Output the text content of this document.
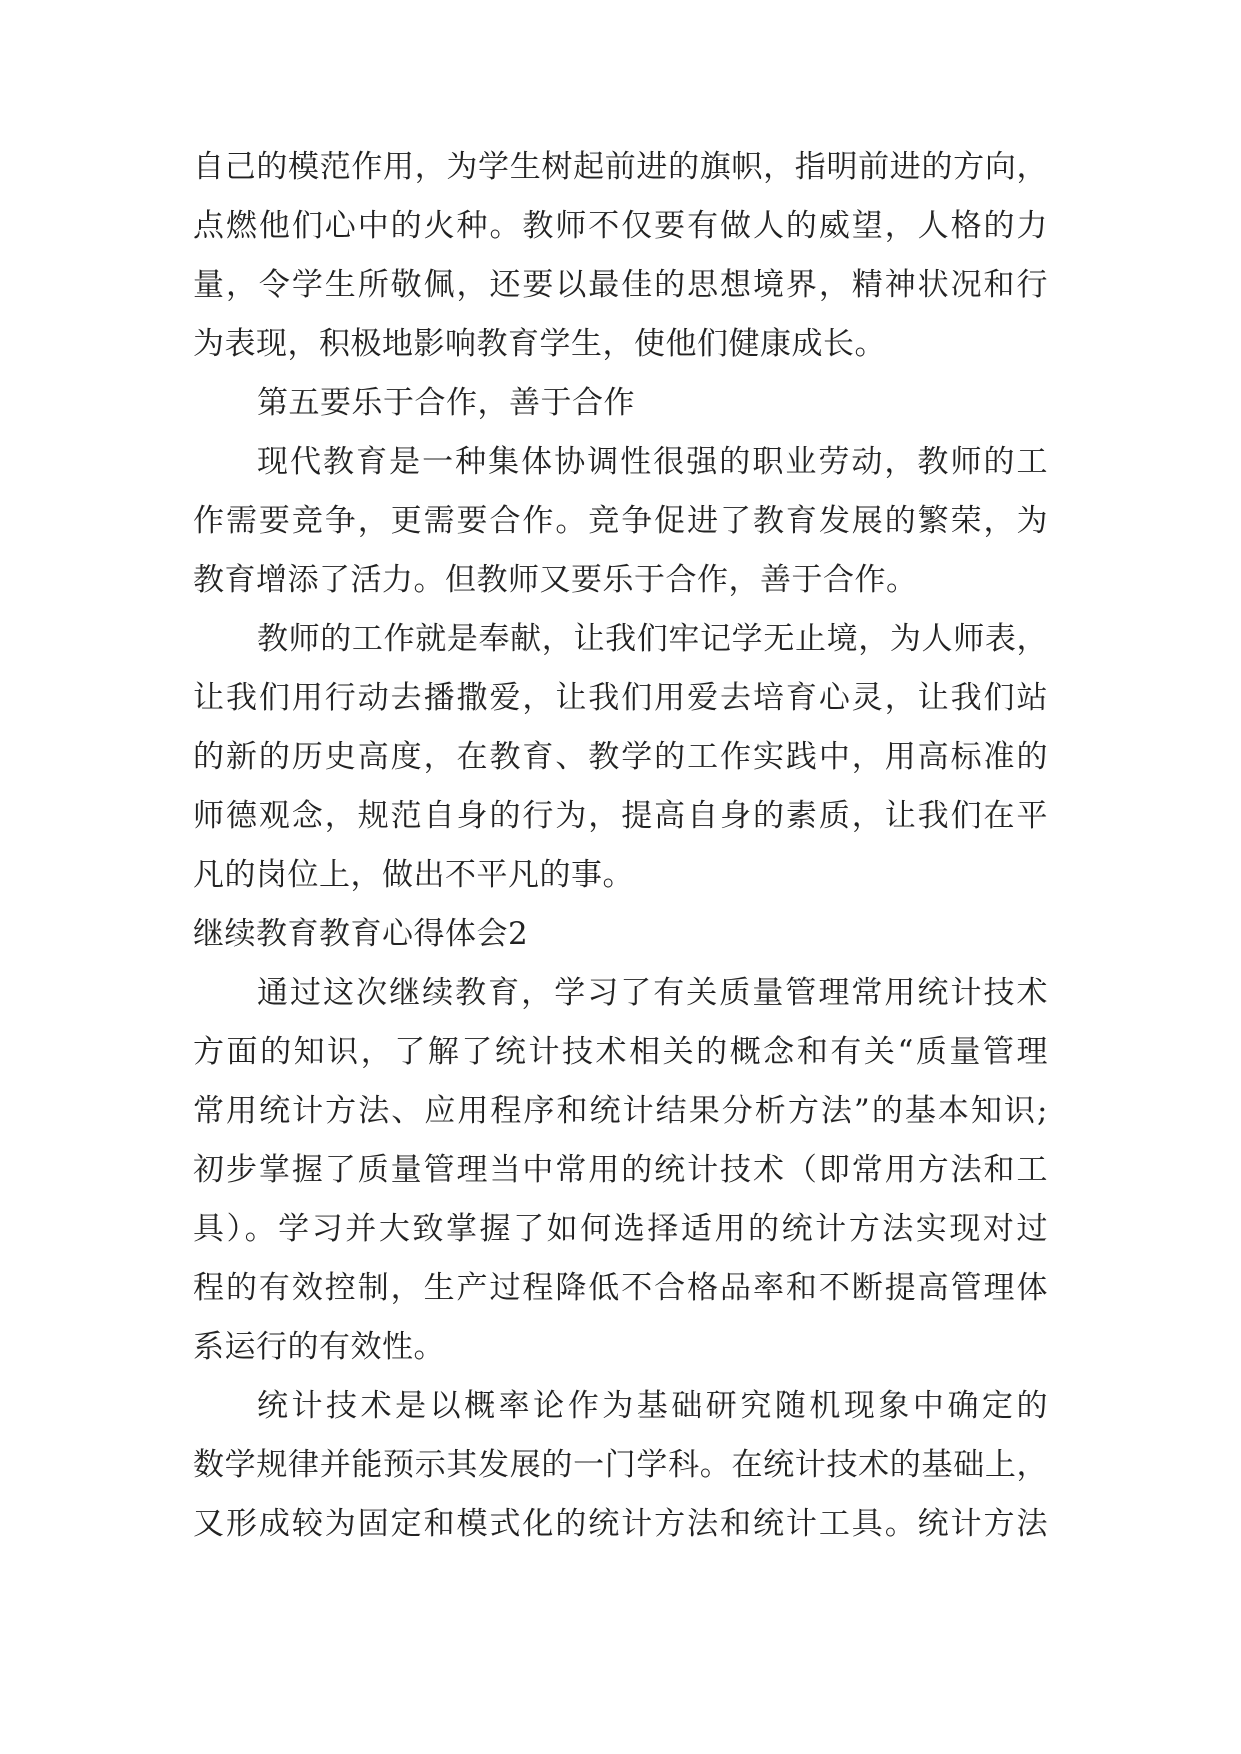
自己的模范作用，为学生树起前进的旗帜，指明前进的方向，
点燃他们心中的火种。教师不仅要有做人的威望，人格的力
量，令学生所敬佩，还要以最佳的思想境界，精神状况和行
为表现，积极地影响教育学生，使他们健康成长。
第五要乐于合作，善于合作
现代教育是一种集体协调性很强的职业劳动，教师的工
作需要竞争，更需要合作。竞争促进了教育发展的繁荣，为
教育增添了活力。但教师又要乐于合作，善于合作。
教师的工作就是奉献，让我们牢记学无止境，为人师表，
让我们用行动去播撒爱，让我们用爱去培育心灵，让我们站
的新的历史高度，在教育、教学的工作实践中，用高标准的
师德观念，规范自身的行为，提高自身的素质，让我们在平
凡的岗位上，做出不平凡的事。
继续教育教育心得体会2
通过这次继续教育，学习了有关质量管理常用统计技术
方面的知识，了解了统计技术相关的概念和有关“质量管理
常用统计方法、应用程序和统计结果分析方法”的基本知识;
初步掌握了质量管理当中常用的统计技术（即常用方法和工
具）。学习并大致掌握了如何选择适用的统计方法实现对过
程的有效控制，生产过程降低不合格品率和不断提高管理体
系运行的有效性。
统计技术是以概率论作为基础研究随机现象中确定的
数学规律并能预示其发展的一门学科。在统计技术的基础上，
又形成较为固定和模式化的统计方法和统计工具。统计方法
